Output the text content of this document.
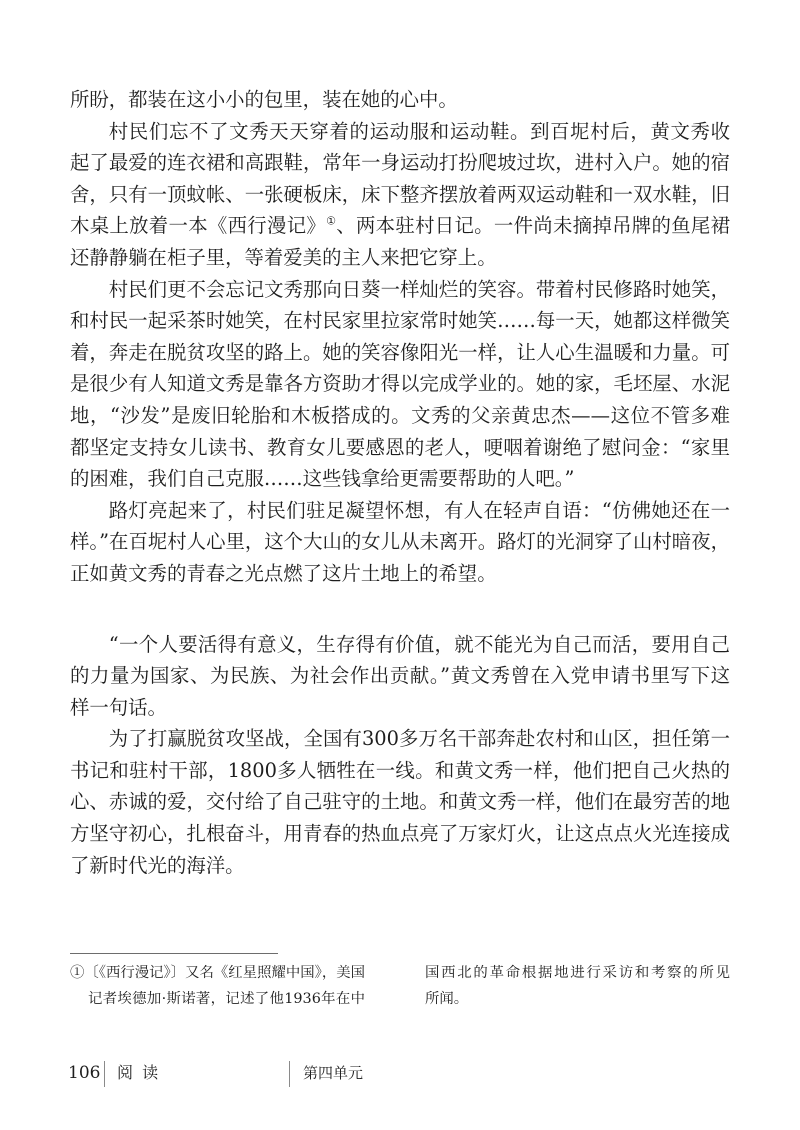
所盼，都装在这小小的包里，装在她的心中。
村民们忘不了文秀天天穿着的运动服和运动鞋。到百坭村后，黄文秀收
起了最爱的连衣裙和高跟鞋，常年一身运动打扮爬坡过坎，进村入户。她的宿
舍，只有一顶蚊帐、一张硬板床，床下整齐摆放着两双运动鞋和一双水鞋，旧
木桌上放着一本《西行漫记》①、两本驻村日记。一件尚未摘掉吊牌的鱼尾裙
还静静躺在柜子里，等着爱美的主人来把它穿上。
村民们更不会忘记文秀那向日葵一样灿烂的笑容。带着村民修路时她笑，
和村民一起采茶时她笑，在村民家里拉家常时她笑……每一天，她都这样微笑
着，奔走在脱贫攻坚的路上。她的笑容像阳光一样，让人心生温暖和力量。可
是很少有人知道文秀是靠各方资助才得以完成学业的。她的家，毛坯屋、水泥
地，“沙发”是废旧轮胎和木板搭成的。文秀的父亲黄忠杰——这位不管多难
都坚定支持女儿读书、教育女儿要感恩的老人，哽咽着谢绝了慰问金：“家里
的困难，我们自己克服……这些钱拿给更需要帮助的人吧。”
路灯亮起来了，村民们驻足凝望怀想，有人在轻声自语：“仿佛她还在一
样。”在百坭村人心里，这个大山的女儿从未离开。路灯的光洞穿了山村暗夜，
正如黄文秀的青春之光点燃了这片土地上的希望。
“一个人要活得有意义，生存得有价值，就不能光为自己而活，要用自己
的力量为国家、为民族、为社会作出贡献。”黄文秀曾在入党申请书里写下这
样一句话。
为了打赢脱贫攻坚战，全国有300多万名干部奔赴农村和山区，担任第一
书记和驻村干部，1800多人牺牲在一线。和黄文秀一样，他们把自己火热的
心、赤诚的爱，交付给了自己驻守的土地。和黄文秀一样，他们在最穷苦的地
方坚守初心，扎根奋斗，用青春的热血点亮了万家灯火，让这点点火光连接成
了新时代光的海洋。
①〔《西行漫记》〕又名《红星照耀中国》，美国
记者埃德加·斯诺著，记述了他1936年在中
国西北的革命根据地进行采访和考察的所见
所闻。
106 阅 读	第四单元
